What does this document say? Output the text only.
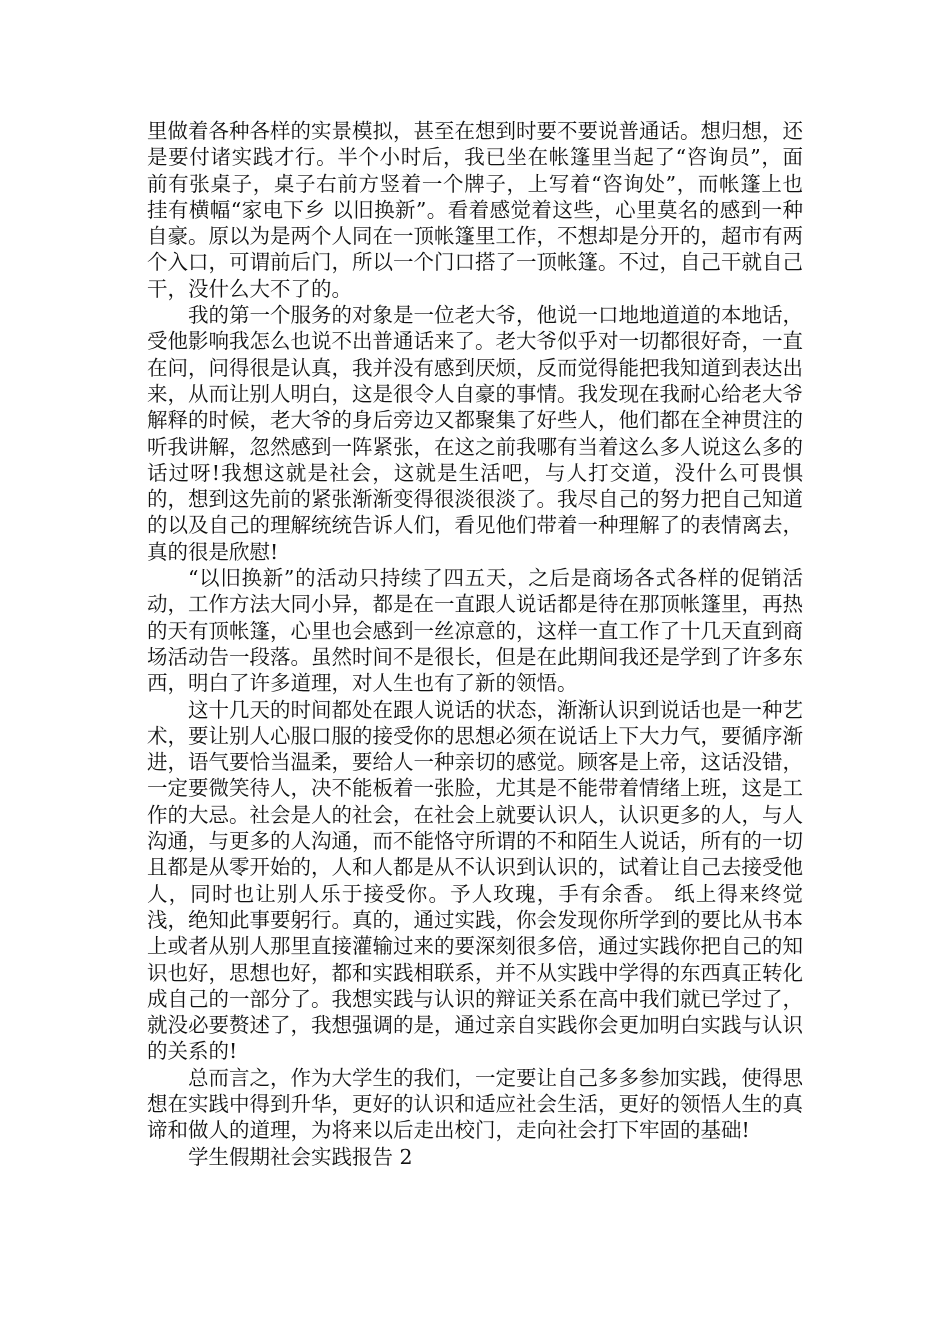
里做着各种各样的实景模拟，甚至在想到时要不要说普通话。想归想，还是要付诸实践才行。半个小时后，我已坐在帐篷里当起了“咨询员”，面前有张桌子，桌子右前方竖着一个牌子，上写着“咨询处”，而帐篷上也挂有横幅“家电下乡 以旧换新”。看着感觉着这些，心里莫名的感到一种自豪。原以为是两个人同在一顶帐篷里工作，不想却是分开的，超市有两个入口，可谓前后门，所以一个门口搭了一顶帐篷。不过，自己干就自己干，没什么大不了的。

我的第一个服务的对象是一位老大爷，他说一口地地道道的本地话，受他影响我怎么也说不出普通话来了。老大爷似乎对一切都很好奇，一直在问，问得很是认真，我并没有感到厌烦，反而觉得能把我知道到表达出来，从而让别人明白，这是很令人自豪的事情。我发现在我耐心给老大爷解释的时候，老大爷的身后旁边又都聚集了好些人，他们都在全神贯注的听我讲解，忽然感到一阵紧张，在这之前我哪有当着这么多人说这么多的话过呀!我想这就是社会，这就是生活吧，与人打交道，没什么可畏惧的，想到这先前的紧张渐渐变得很淡很淡了。我尽自己的努力把自己知道的以及自己的理解统统告诉人们，看见他们带着一种理解了的表情离去，真的很是欣慰!

“以旧换新”的活动只持续了四五天，之后是商场各式各样的促销活动，工作方法大同小异，都是在一直跟人说话都是待在那顶帐篷里，再热的天有顶帐篷，心里也会感到一丝凉意的，这样一直工作了十几天直到商场活动告一段落。虽然时间不是很长，但是在此期间我还是学到了许多东西，明白了许多道理，对人生也有了新的领悟。

这十几天的时间都处在跟人说话的状态，渐渐认识到说话也是一种艺术，要让别人心服口服的接受你的思想必须在说话上下大力气，要循序渐进，语气要恰当温柔，要给人一种亲切的感觉。顾客是上帝，这话没错，一定要微笑待人，决不能板着一张脸，尤其是不能带着情绪上班，这是工作的大忌。社会是人的社会，在社会上就要认识人，认识更多的人，与人沟通，与更多的人沟通，而不能恪守所谓的不和陌生人说话，所有的一切且都是从零开始的，人和人都是从不认识到认识的，试着让自己去接受他人，同时也让别人乐于接受你。予人玫瑰，手有余香。 纸上得来终觉浅，绝知此事要躬行。真的，通过实践，你会发现你所学到的要比从书本上或者从别人那里直接灌输过来的要深刻很多倍，通过实践你把自己的知识也好，思想也好，都和实践相联系，并不从实践中学得的东西真正转化成自己的一部分了。我想实践与认识的辩证关系在高中我们就已学过了，就没必要赘述了，我想强调的是，通过亲自实践你会更加明白实践与认识的关系的!

总而言之，作为大学生的我们，一定要让自己多多参加实践，使得思想在实践中得到升华，更好的认识和适应社会生活，更好的领悟人生的真谛和做人的道理，为将来以后走出校门，走向社会打下牢固的基础!

学生假期社会实践报告 2
